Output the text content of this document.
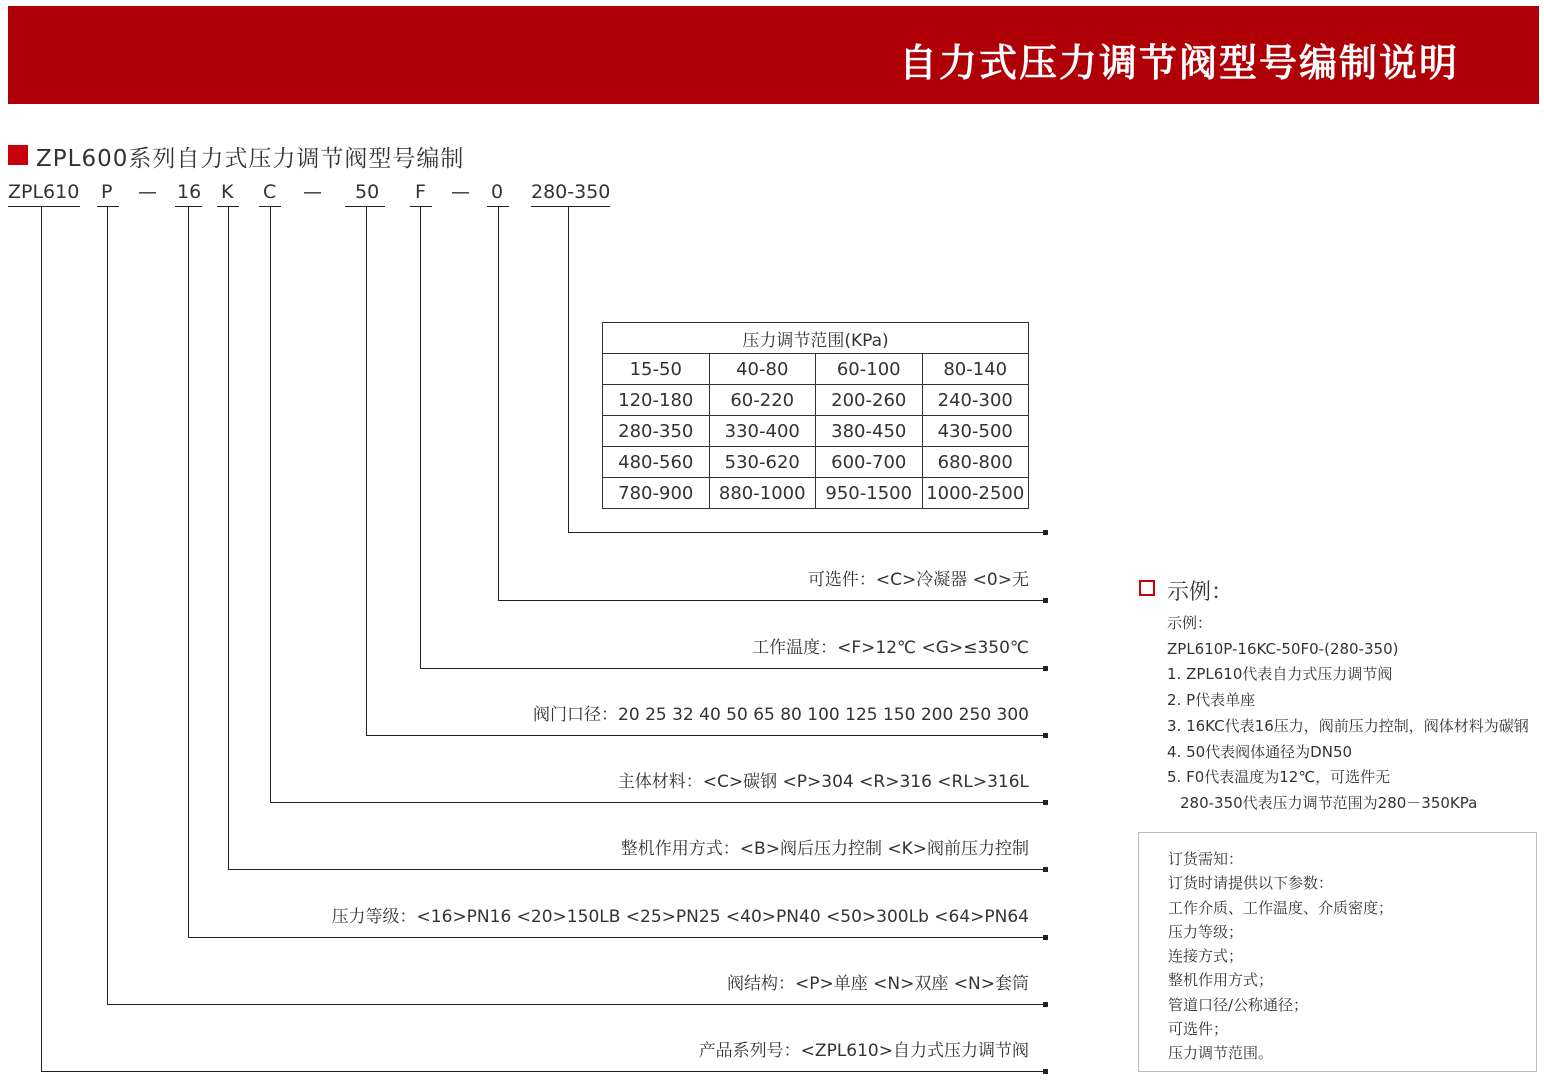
自力式压力调节阀型号编制说明
ZPL600系列自力式压力调节阀型号编制
ZPL610 P — 16 K C — 50 F — 0 280-350
压力调节范围(KPa)			
15-50	40-80	60-100	80-140
120-180	60-220	200-260	240-300
280-350	330-400	380-450	430-500
480-560	530-620	600-700	680-800
780-900	880-1000	950-1500	1000-2500
可选件：<C>冷凝器 <0>无
工作温度：<F>12℃ <G>≤350℃
阀门口径：20 25 32 40 50 65 80 100 125 150 200 250 300
主体材料：<C>碳钢 <P>304 <R>316 <RL>316L
整机作用方式：<B>阀后压力控制 <K>阀前压力控制
压力等级：<16>PN16 <20>150LB <25>PN25 <40>PN40 <50>300Lb <64>PN64
阀结构：<P>单座 <N>双座 <N>套筒
产品系列号：<ZPL610>自力式压力调节阀
示例：
示例：
ZPL610P-16KC-50F0-(280-350)
1. ZPL610代表自力式压力调节阀
2. P代表单座
3. 16KC代表16压力，阀前压力控制，阀体材料为碳钢
4. 50代表阀体通径为DN50
5. F0代表温度为12℃，可选件无
280-350代表压力调节范围为280－350KPa
订货需知：
订货时请提供以下参数：
工作介质、工作温度、介质密度；
压力等级；
连接方式；
整机作用方式；
管道口径/公称通径；
可选件；
压力调节范围。
